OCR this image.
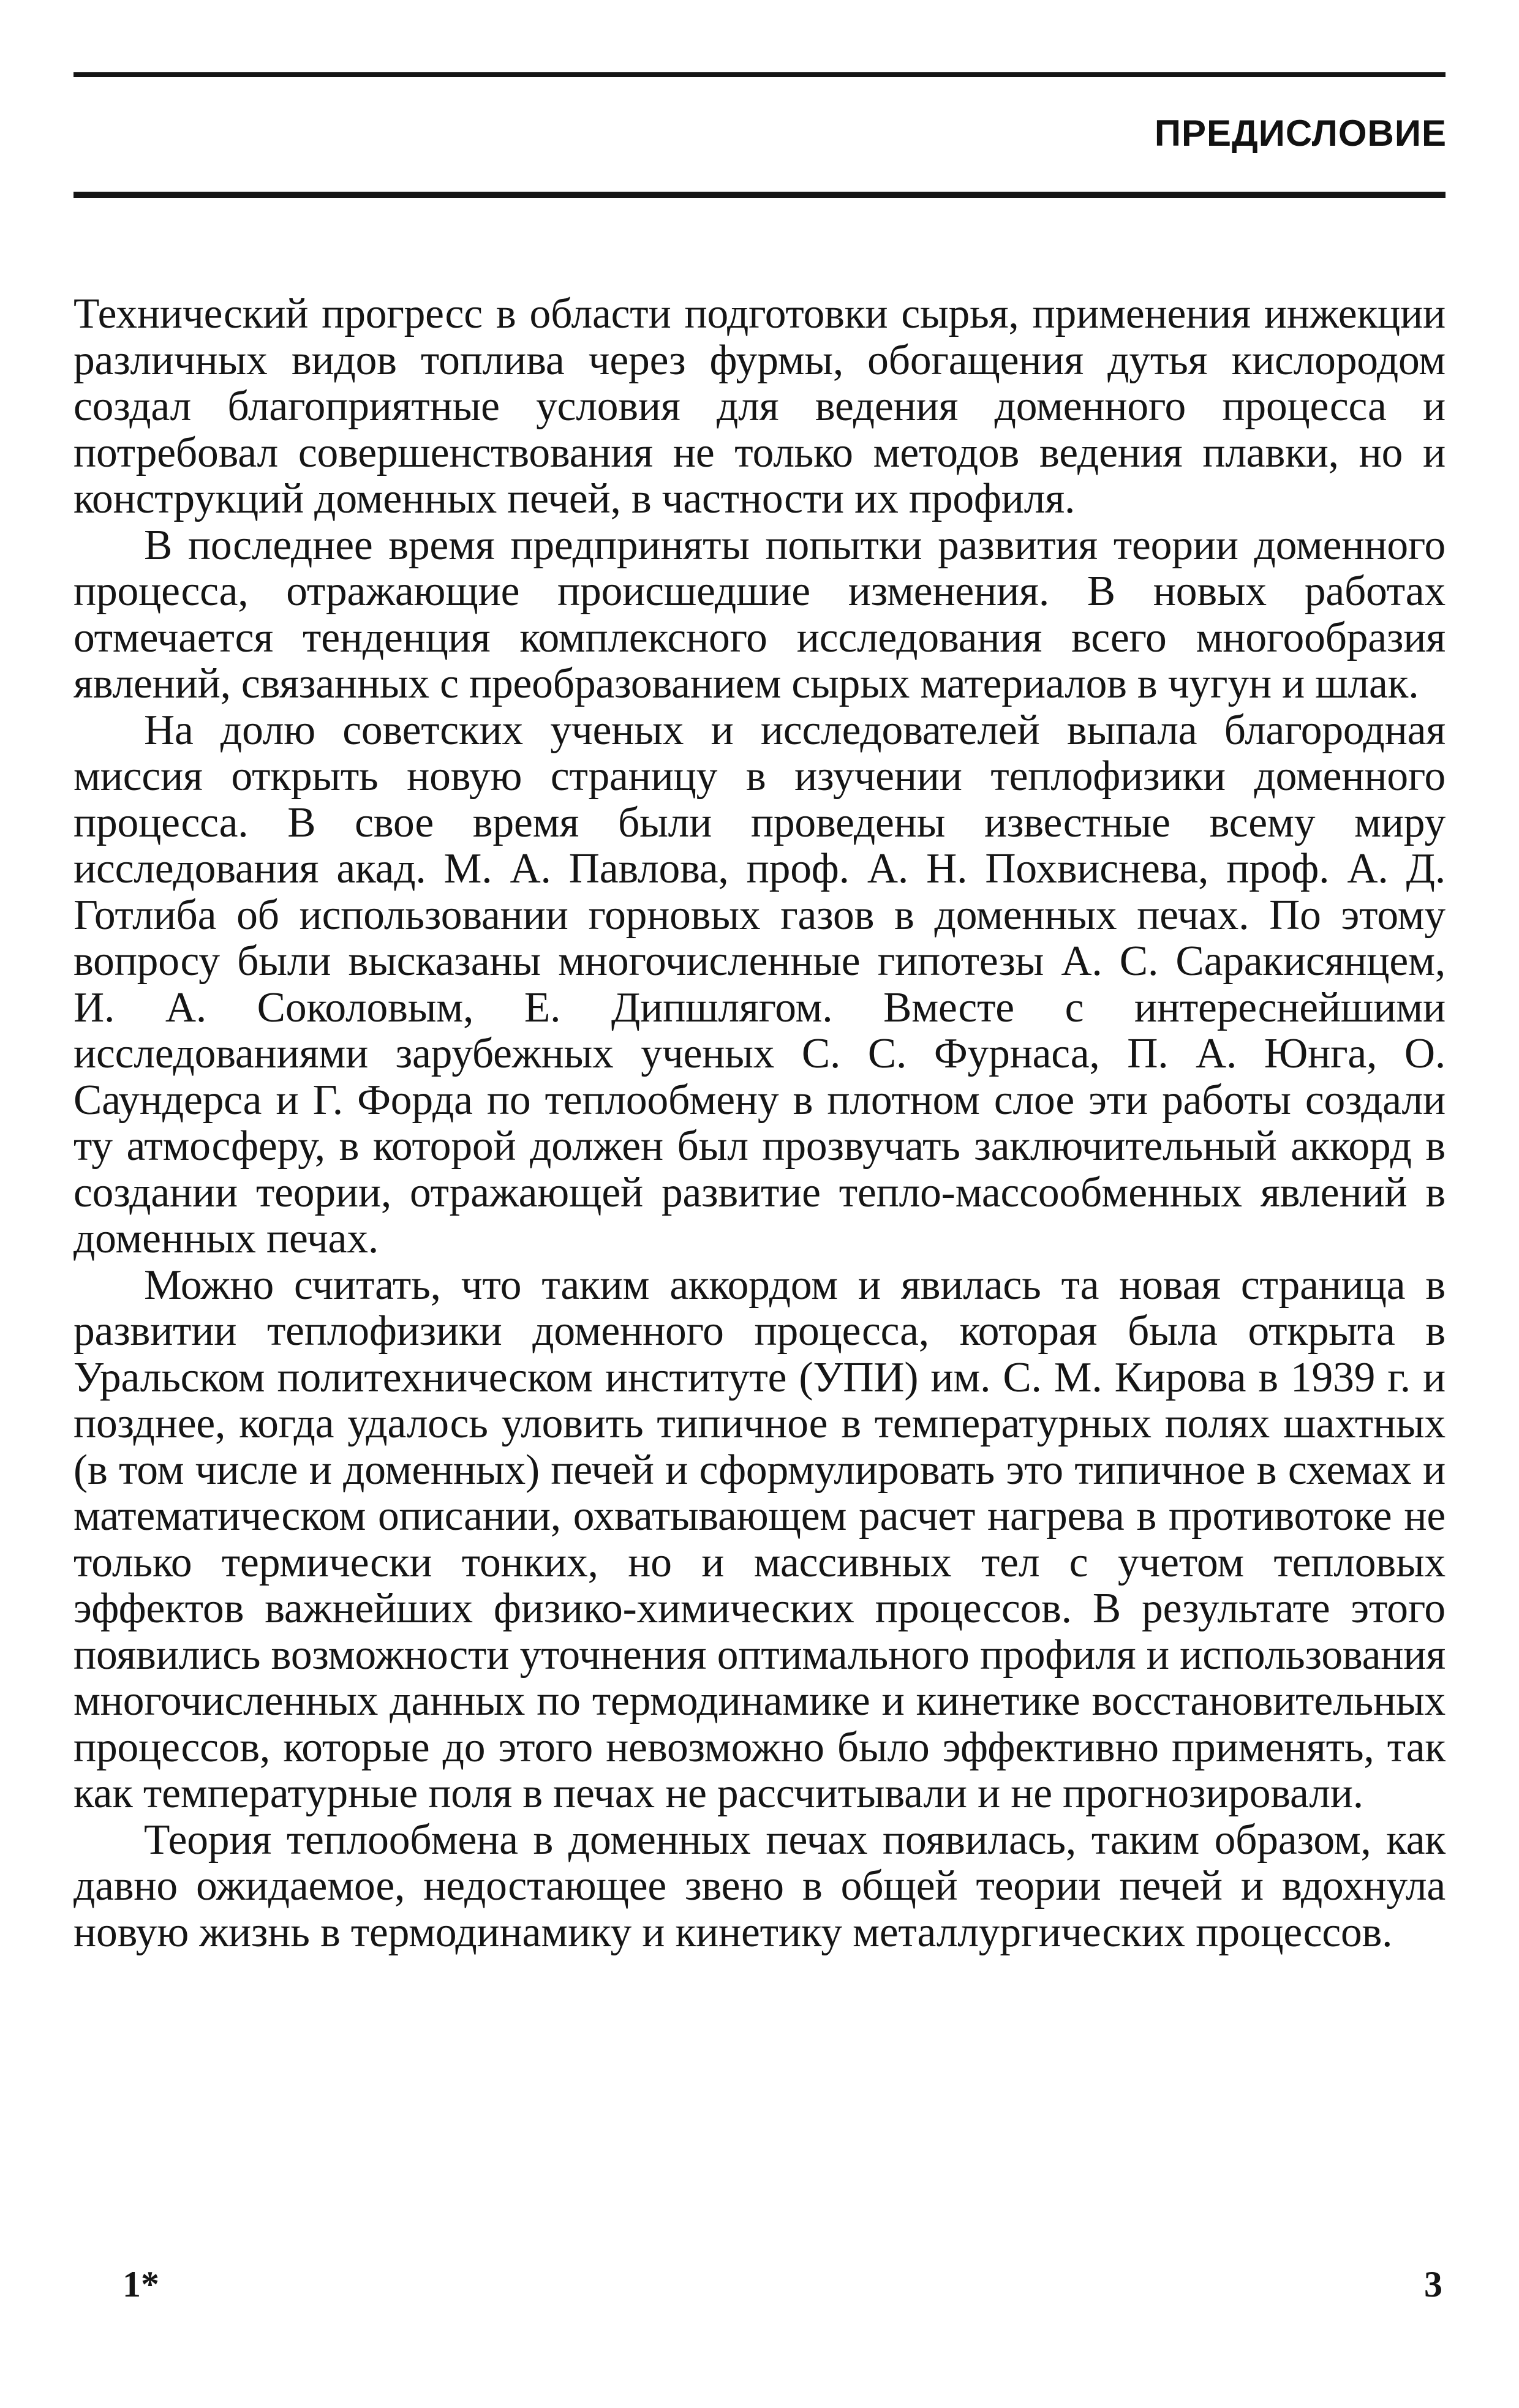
ПРЕДИСЛОВИЕ

Технический прогресс в области подготовки сырья, применения инжекции различных видов топлива через фурмы, обогащения дутья кислородом создал благоприятные условия для ведения доменного процесса и потребовал совершенствования не только методов ведения плавки, но и конструкций доменных печей, в частности их профиля.

В последнее время предприняты попытки развития теории доменного процесса, отражающие происшедшие изменения. В новых работах отмечается тенденция комплексного исследования всего многообразия явлений, связанных с преобразованием сырых материалов в чугун и шлак.

На долю советских ученых и исследователей выпала благородная миссия открыть новую страницу в изучении теплофизики доменного процесса. В свое время были проведены известные всему миру исследования акад. М. А. Павлова, проф. А. Н. Похвиснева, проф. А. Д. Готлиба об использовании горновых газов в доменных печах. По этому вопросу были высказаны многочисленные гипотезы А. С. Саракисянцем, И. А. Соколовым, Е. Дипшлягом. Вместе с интереснейшими исследованиями зарубежных ученых С. С. Фурнаса, П. А. Юнга, О. Саундерса и Г. Форда по теплообмену в плотном слое эти работы создали ту атмосферу, в которой должен был прозвучать заключительный аккорд в создании теории, отражающей развитие тепло-массообменных явлений в доменных печах.

Можно считать, что таким аккордом и явилась та новая страница в развитии теплофизики доменного процесса, которая была открыта в Уральском политехническом институте (УПИ) им. С. М. Кирова в 1939 г. и позднее, когда удалось уловить типичное в температурных полях шахтных (в том числе и доменных) печей и сформулировать это типичное в схемах и математическом описании, охватывающем расчет нагрева в противотоке не только термически тонких, но и массивных тел с учетом тепловых эффектов важнейших физико-химических процессов. В результате этого появились возможности уточнения оптимального профиля и использования многочисленных данных по термодинамике и кинетике восстановительных процессов, которые до этого невозможно было эффективно применять, так как температурные поля в печах не рассчитывали и не прогнозировали.

Теория теплообмена в доменных печах появилась, таким образом, как давно ожидаемое, недостающее звено в общей теории печей и вдохнула новую жизнь в термодинамику и кинетику металлургических процессов.

1*	3
